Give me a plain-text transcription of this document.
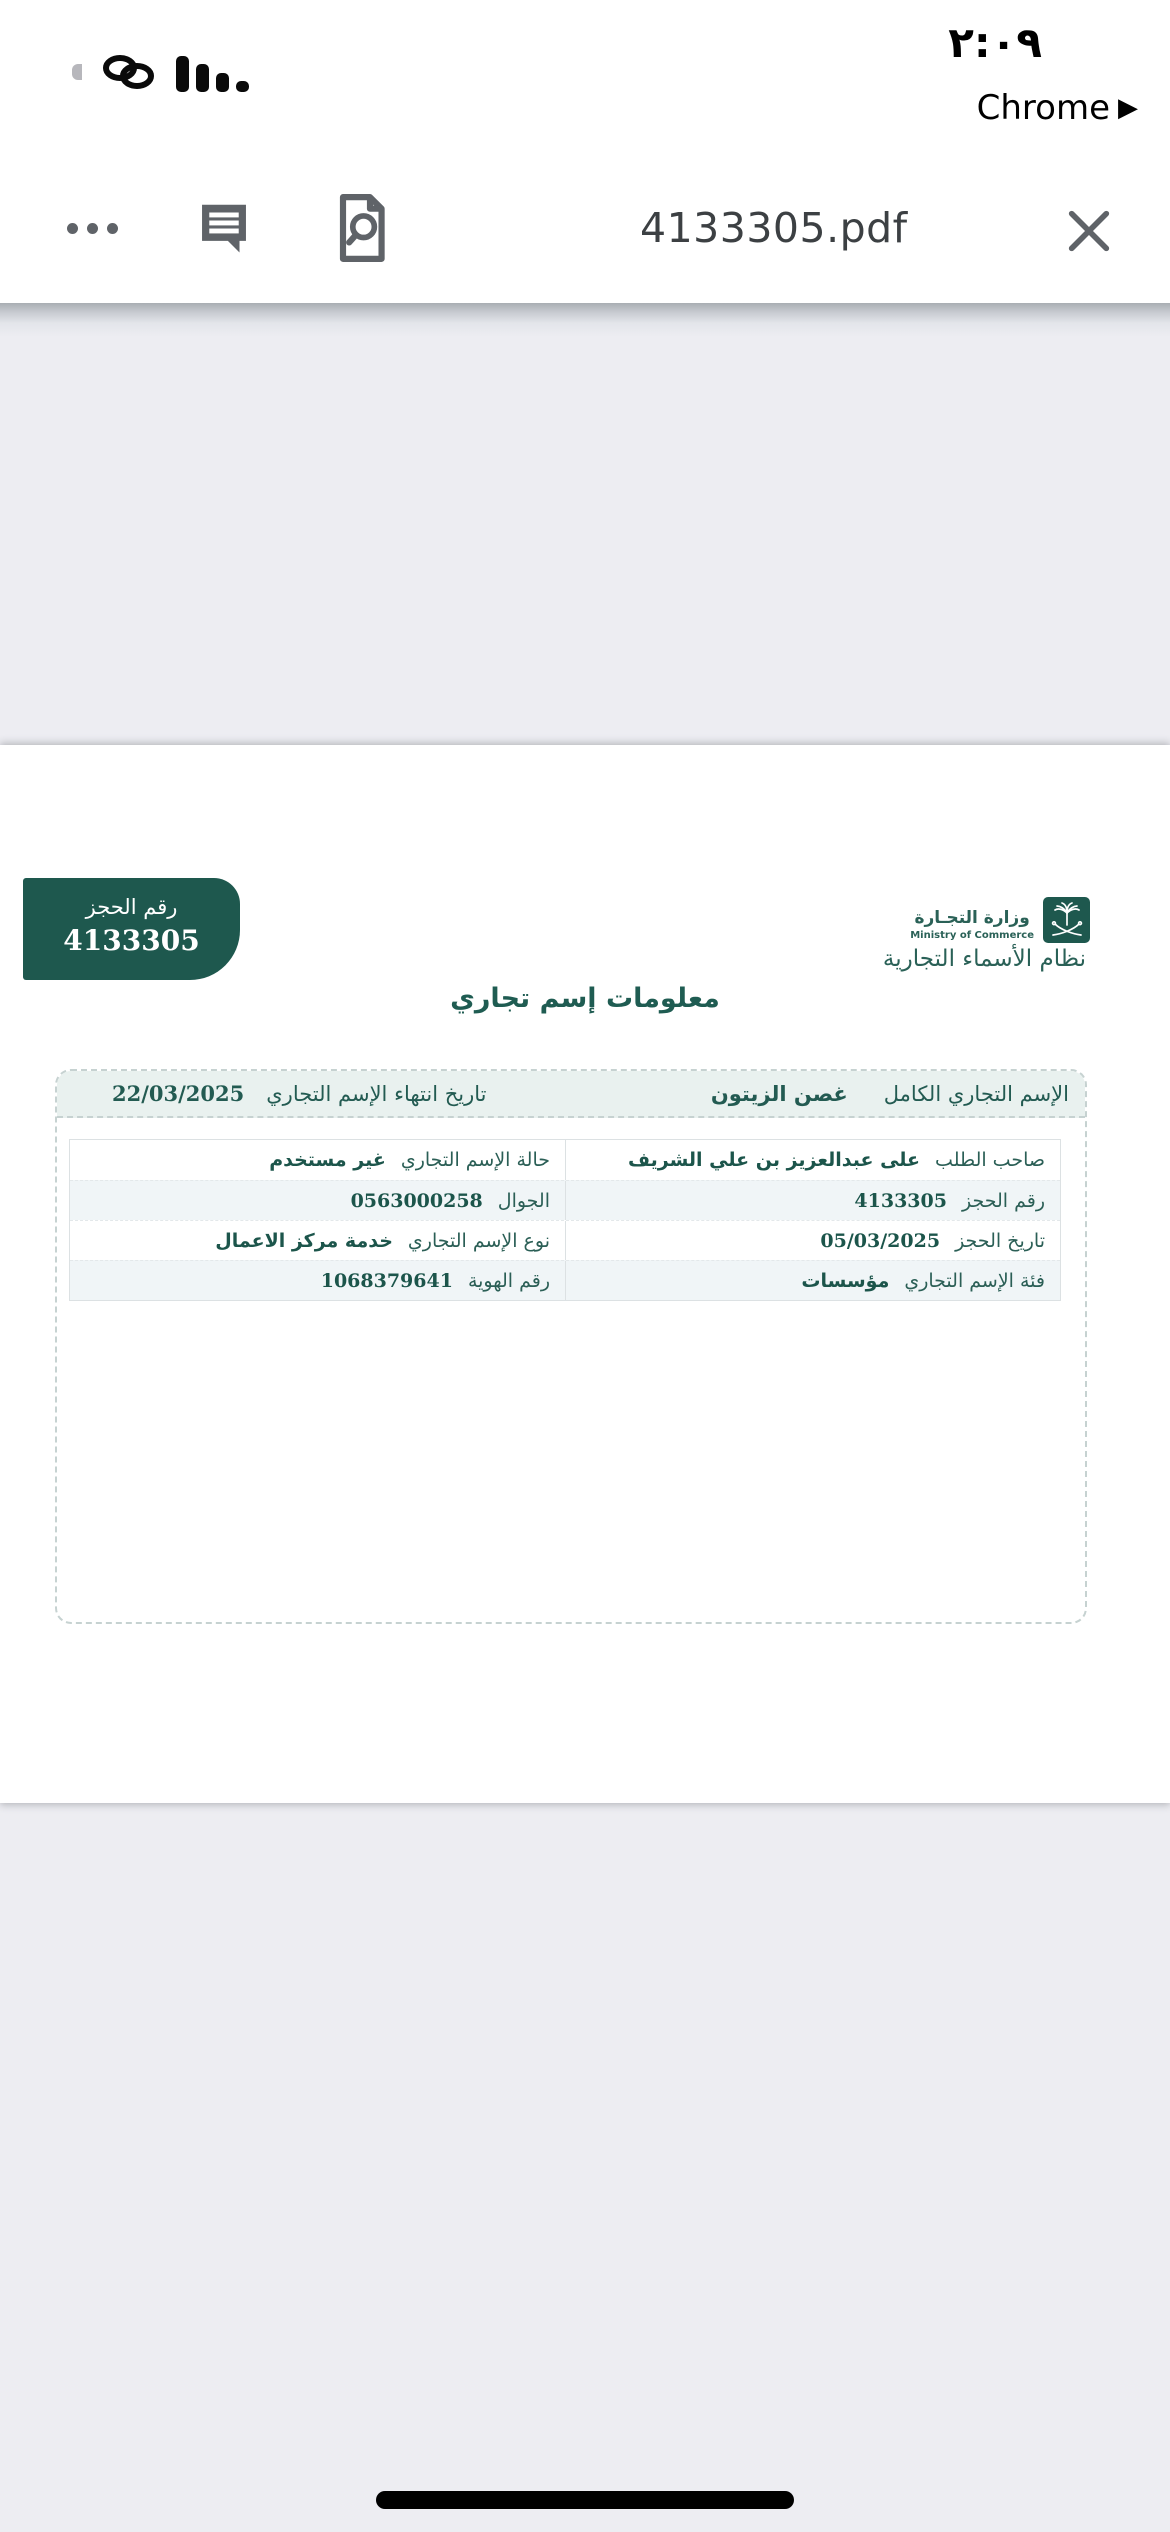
٢:٠٩
Chrome ▶
4133305.pdf
رقم الحجز
4133305
وزارة التجـارة
Ministry of Commerce
نظام الأسماء التجارية
معلومات إسم تجاري
الإسم التجاري الكامل
غصن الزيتون
تاريخ انتهاء الإسم التجاري
22/03/2025
صاحب الطلب
على عبدالعزيز بن علي الشريف
حالة الإسم التجاري
غير مستخدم
رقم الحجز
4133305
الجوال
0563000258
تاريخ الحجز
05/03/2025
نوع الإسم التجاري
خدمة مركز الاعمال
فئة الإسم التجاري
مؤسسات
رقم الهوية
1068379641
